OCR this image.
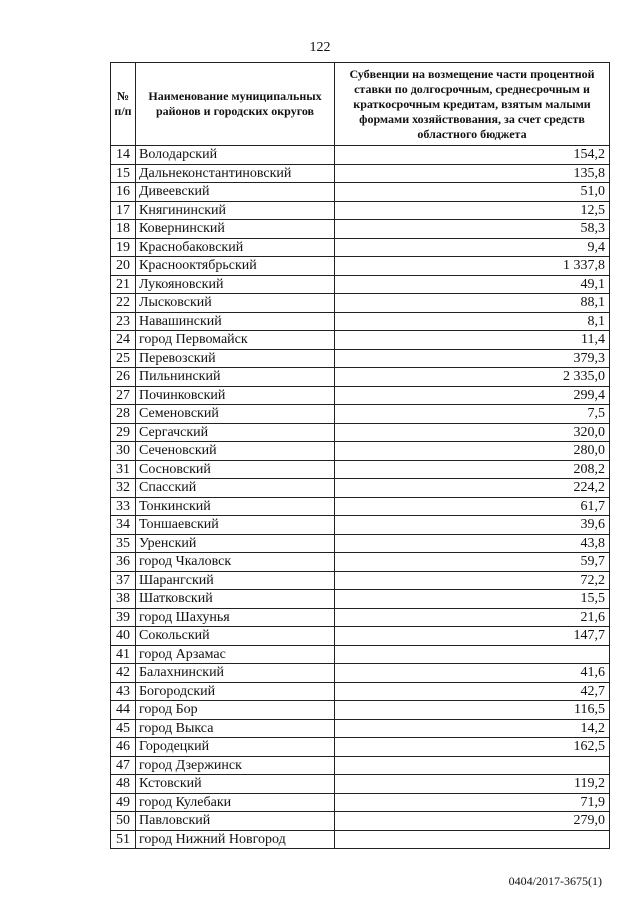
122
№ п/п	Наименование муниципальных районов и городских округов	Субвенции на возмещение части процентной ставки по долгосрочным, среднесрочным и краткосрочным кредитам, взятым малыми формами хозяйствования, за счет средств областного бюджета
14	Володарский	154,2
15	Дальнеконстантиновский	135,8
16	Дивеевский	51,0
17	Княгининский	12,5
18	Ковернинский	58,3
19	Краснобаковский	9,4
20	Краснооктябрьский	1 337,8
21	Лукояновский	49,1
22	Лысковский	88,1
23	Навашинский	8,1
24	город Первомайск	11,4
25	Перевозский	379,3
26	Пильнинский	2 335,0
27	Починковский	299,4
28	Семеновский	7,5
29	Сергачский	320,0
30	Сеченовский	280,0
31	Сосновский	208,2
32	Спасский	224,2
33	Тонкинский	61,7
34	Тоншаевский	39,6
35	Уренский	43,8
36	город Чкаловск	59,7
37	Шарангский	72,2
38	Шатковский	15,5
39	город Шахунья	21,6
40	Сокольский	147,7
41	город Арзамас	
42	Балахнинский	41,6
43	Богородский	42,7
44	город Бор	116,5
45	город Выкса	14,2
46	Городецкий	162,5
47	город Дзержинск	
48	Кстовский	119,2
49	город Кулебаки	71,9
50	Павловский	279,0
51	город Нижний Новгород	
0404/2017-3675(1)
